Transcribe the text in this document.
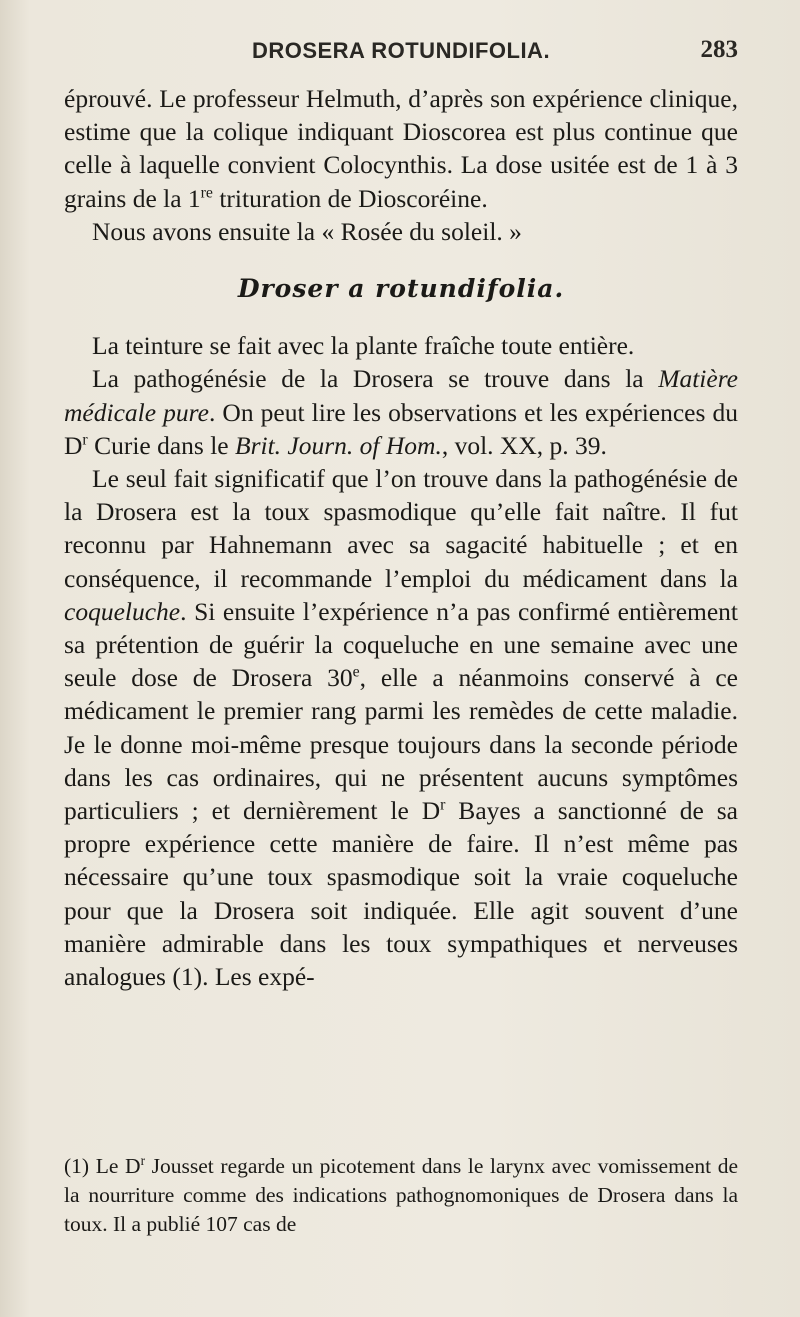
DROSERA ROTUNDIFOLIA.	283

éprouvé. Le professeur Helmuth, d’après son expérience clinique, estime que la colique indiquant Dioscorea est plus continue que celle à laquelle convient Colocynthis. La dose usitée est de 1 à 3 grains de la 1re trituration de Dioscoréine.

Nous avons ensuite la « Rosée du soleil. »

Droser a rotundifolia.

La teinture se fait avec la plante fraîche toute entière.

La pathogénésie de la Drosera se trouve dans la Matière médicale pure. On peut lire les observations et les expériences du $D^r$ Curie dans le Brit. Journ. of Hom., vol. XX, p. 39.

Le seul fait significatif que l’on trouve dans la pathogénésie de la Drosera est la toux spasmodique qu’elle fait naître. Il fut reconnu par Hahnemann avec sa sagacité habituelle ; et en conséquence, il recommande l’emploi du médicament dans la coqueluche. Si ensuite l’expérience n’a pas confirmé entièrement sa prétention de guérir la coqueluche en une semaine avec une seule dose de Drosera 30e, elle a néanmoins conservé à ce médicament le premier rang parmi les remèdes de cette maladie. Je le donne moi-même presque toujours dans la seconde période dans les cas ordinaires, qui ne présentent aucuns symptômes particuliers ; et dernièrement le $D^r$ Bayes a sanctionné de sa propre expérience cette manière de faire. Il n’est même pas nécessaire qu’une toux spasmodique soit la vraie coqueluche pour que la Drosera soit indiquée. Elle agit souvent d’une manière admirable dans les toux sympathiques et nerveuses analogues (1). Les expé-

(1) Le $D^r$ Jousset regarde un picotement dans le larynx avec vomissement de la nourriture comme des indications pathognomoniques de Drosera dans la toux. Il a publié 107 cas de
